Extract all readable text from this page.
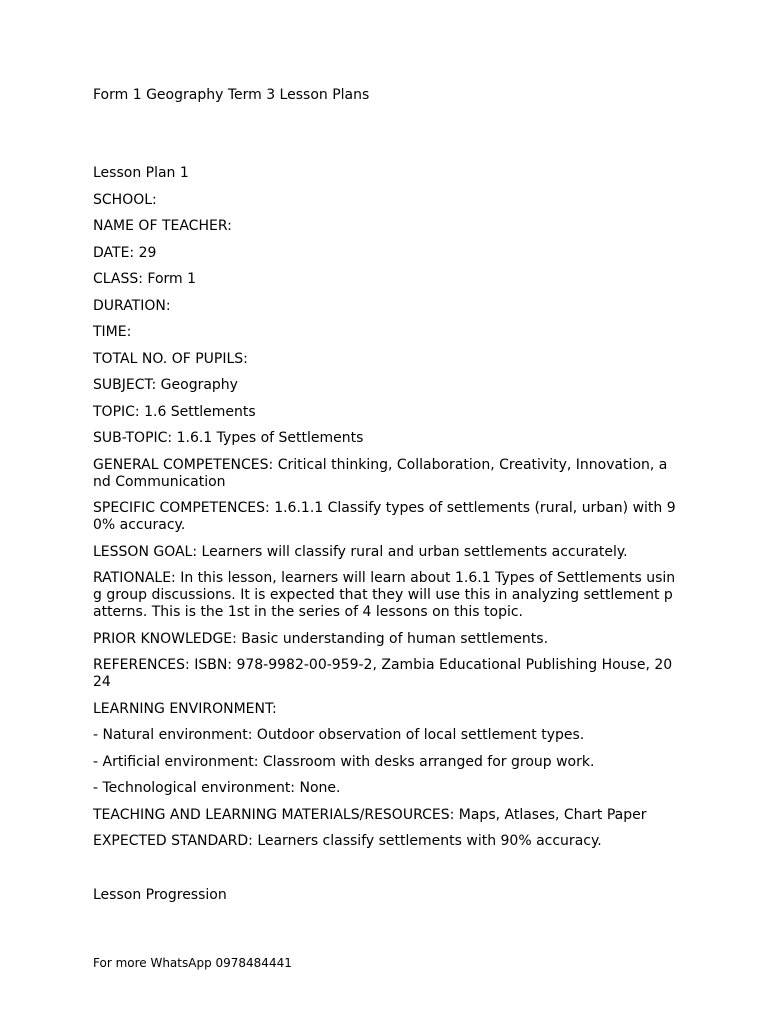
Form 1 Geography Term 3 Lesson Plans
Lesson Plan 1
SCHOOL:
NAME OF TEACHER:
DATE: 29
CLASS: Form 1
DURATION:
TIME:
TOTAL NO. OF PUPILS:
SUBJECT: Geography
TOPIC: 1.6 Settlements
SUB-TOPIC: 1.6.1 Types of Settlements
GENERAL COMPETENCES: Critical thinking, Collaboration, Creativity, Innovation, and Communication
SPECIFIC COMPETENCES: 1.6.1.1 Classify types of settlements (rural, urban) with 90% accuracy.
LESSON GOAL: Learners will classify rural and urban settlements accurately.
RATIONALE: In this lesson, learners will learn about 1.6.1 Types of Settlements using group discussions. It is expected that they will use this in analyzing settlement patterns. This is the 1st in the series of 4 lessons on this topic.
PRIOR KNOWLEDGE: Basic understanding of human settlements.
REFERENCES: ISBN: 978-9982-00-959-2, Zambia Educational Publishing House, 2024
LEARNING ENVIRONMENT:
- Natural environment: Outdoor observation of local settlement types.
- Artificial environment: Classroom with desks arranged for group work.
- Technological environment: None.
TEACHING AND LEARNING MATERIALS/RESOURCES: Maps, Atlases, Chart Paper
EXPECTED STANDARD: Learners classify settlements with 90% accuracy.
Lesson Progression
For more WhatsApp 0978484441
